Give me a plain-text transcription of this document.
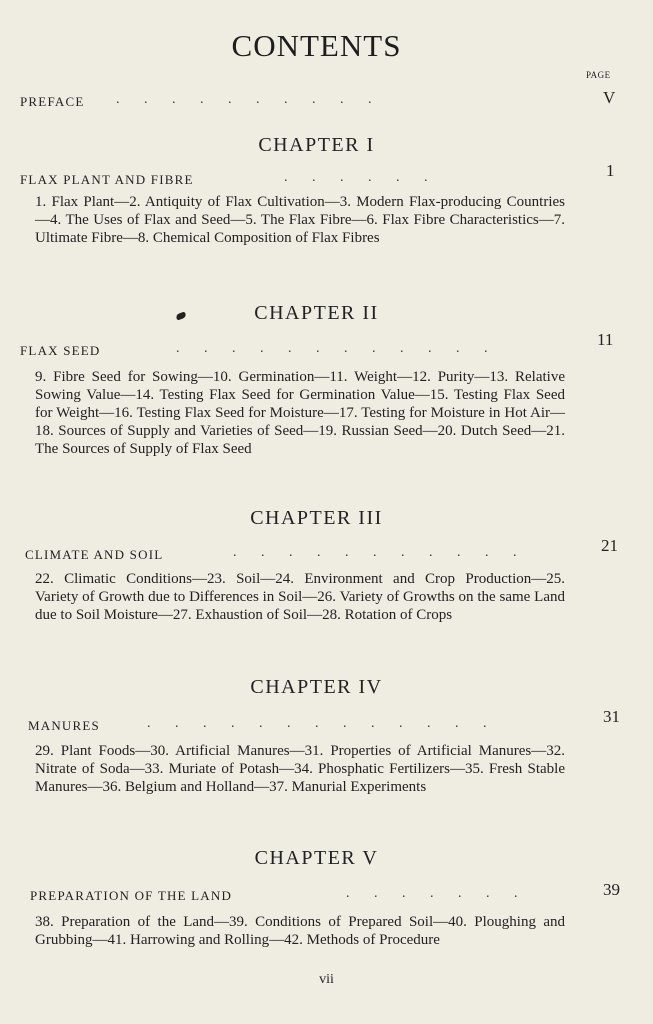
CONTENTS
PAGE
PREFACE .       .       .       .       .       .       .       .       .       .	V
CHAPTER I
FLAX PLANT AND FIBRE	.       .       .       .       .       .	1
1. Flax Plant—2. Antiquity of Flax Cultivation—3. Modern Flax-producing Countries—4. The Uses of Flax and Seed—5. The Flax Fibre—6. Flax Fibre Characteristics—7. Ultimate Fibre—8. Chemical Composition of Flax Fibres
CHAPTER II
FLAX SEED	.       .       .       .       .       .       .       .       .       .       .       .	11
9. Fibre Seed for Sowing—10. Germination—11. Weight—12. Purity—13. Relative Sowing Value—14. Testing Flax Seed for Germination Value—15. Testing Flax Seed for Weight—16. Testing Flax Seed for Moisture—17. Testing for Moisture in Hot Air—18. Sources of Supply and Varieties of Seed—19. Russian Seed—20. Dutch Seed—21. The Sources of Supply of Flax Seed
CHAPTER III
CLIMATE AND SOIL	.       .       .       .       .       .       .       .       .       .       .	21
22. Climatic Conditions—23. Soil—24. Environment and Crop Production—25. Variety of Growth due to Differences in Soil—26. Variety of Growths on the same Land due to Soil Moisture—27. Exhaustion of Soil—28. Rotation of Crops
CHAPTER IV
MANURES	.       .       .       .       .       .       .       .       .       .       .       .       .	31
29. Plant Foods—30. Artificial Manures—31. Properties of Artificial Manures—32. Nitrate of Soda—33. Muriate of Potash—34. Phosphatic Fertilizers—35. Fresh Stable Manures—36. Belgium and Holland—37. Manurial Experiments
CHAPTER V
PREPARATION OF THE LAND	.       .       .       .       .       .       .	39
38. Preparation of the Land—39. Conditions of Prepared Soil—40. Ploughing and Grubbing—41. Harrowing and Rolling—42. Methods of Procedure
vii
